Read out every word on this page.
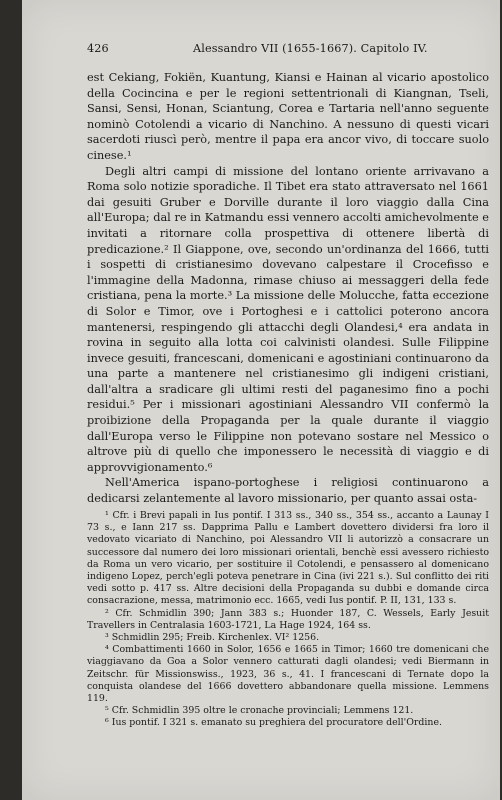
426	Alessandro VII (1655-1667). Capitolo IV.

est Cekiang, Fokiën, Kuantung, Kiansi e Hainan al vicario apostolico della Cocincina e per le regioni settentrionali di Kiangnan, Tseli, Sansi, Sensi, Honan, Sciantung, Corea e Tartaria nell'anno seguente nominò Cotolendi a vicario di Nanchino. A nessuno di questi vicari sacerdoti riuscì però, mentre il papa era ancor vivo, di toccare suolo cinese.¹

Degli altri campi di missione del lontano oriente arrivavano a Roma solo notizie sporadiche. Il Tibet era stato attraversato nel 1661 dai gesuiti Gruber e Dorville durante il loro viaggio dalla Cina all'Europa; dal re in Katmandu essi vennero accolti amichevolmente e invitati a ritornare colla prospettiva di ottenere libertà di predicazione.² Il Giappone, ove, secondo un'ordinanza del 1666, tutti i sospetti di cristianesimo dovevano calpestare il Crocefisso e l'immagine della Madonna, rimase chiuso ai messaggeri della fede cristiana, pena la morte.³ La missione delle Molucche, fatta eccezione di Solor e Timor, ove i Portoghesi e i cattolici poterono ancora mantenersi, respingendo gli attacchi degli Olandesi,⁴ era andata in rovina in seguito alla lotta coi calvinisti olandesi. Sulle Filippine invece gesuiti, francescani, domenicani e agostiniani continuarono da una parte a mantenere nel cristianesimo gli indigeni cristiani, dall'altra a sradicare gli ultimi resti del paganesimo fino a pochi residui.⁵ Per i missionari agostiniani Alessandro VII confermò la proibizione della Propaganda per la quale durante il viaggio dall'Europa verso le Filippine non potevano sostare nel Messico o altrove più di quello che imponessero le necessità di viaggio e di approvvigionamento.⁶

Nell'America ispano-portoghese i religiosi continuarono a dedicarsi zelantemente al lavoro missionario, per quanto assai osta-

¹ Cfr. i Brevi papali in Ius pontif. I 313 ss., 340 ss., 354 ss., accanto a Launay I 73 s., e Iann 217 ss. Dapprima Pallu e Lambert dovettero dividersi fra loro il vedovato vicariato di Nanchino, poi Alessandro VII li autorizzò a consacrare un successore dal numero dei loro missionari orientali, benchè essi avessero richiesto da Roma un vero vicario, per sostituire il Cotolendi, e pensassero al domenicano indigeno Lopez, perch'egli poteva penetrare in Cina (ivi 221 s.). Sul conflitto dei riti vedi sotto p. 417 ss. Altre decisioni della Propaganda su dubbi e domande circa consacrazione, messa, matrimonio ecc. 1665, vedi Ius pontif. P. II, 131, 133 s.

² Cfr. Schmidlin 390; Jann 383 s.; Huonder 187, C. Wessels, Early Jesuit Travellers in Centralasia 1603-1721, La Hage 1924, 164 ss.

³ Schmidlin 295; Freib. Kirchenlex. VI² 1256.

⁴ Combattimenti 1660 in Solor, 1656 e 1665 in Timor; 1660 tre domenicani che viaggiavano da Goa a Solor vennero catturati dagli olandesi; vedi Biermann in Zeitschr. für Missionswiss., 1923, 36 s., 41. I francescani di Ternate dopo la conquista olandese del 1666 dovettero abbandonare quella missione. Lemmens 119.

⁵ Cfr. Schmidlin 395 oltre le cronache provinciali; Lemmens 121.

⁶ Ius pontif. I 321 s. emanato su preghiera del procuratore dell'Ordine.
